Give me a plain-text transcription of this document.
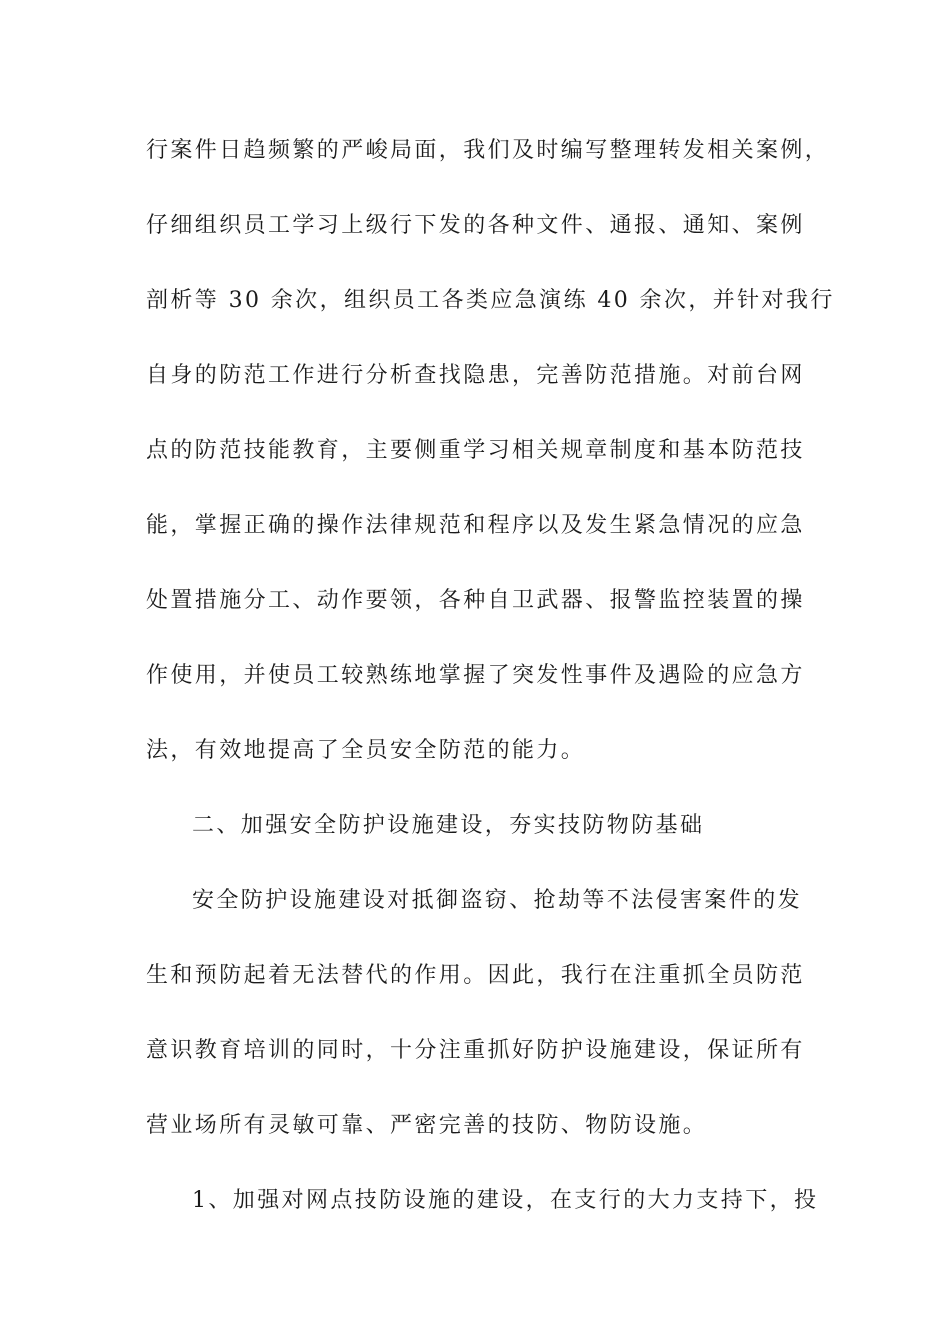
行案件日趋频繁的严峻局面，我们及时编写整理转发相关案例，
仔细组织员工学习上级行下发的各种文件、通报、通知、案例
剖析等 30 余次，组织员工各类应急演练 40 余次，并针对我行
自身的防范工作进行分析查找隐患，完善防范措施。对前台网
点的防范技能教育，主要侧重学习相关规章制度和基本防范技
能，掌握正确的操作法律规范和程序以及发生紧急情况的应急
处置措施分工、动作要领，各种自卫武器、报警监控装置的操
作使用，并使员工较熟练地掌握了突发性事件及遇险的应急方
法，有效地提高了全员安全防范的能力。
二、加强安全防护设施建设，夯实技防物防基础
安全防护设施建设对抵御盗窃、抢劫等不法侵害案件的发
生和预防起着无法替代的作用。因此，我行在注重抓全员防范
意识教育培训的同时，十分注重抓好防护设施建设，保证所有
营业场所有灵敏可靠、严密完善的技防、物防设施。
1、加强对网点技防设施的建设，在支行的大力支持下，投
